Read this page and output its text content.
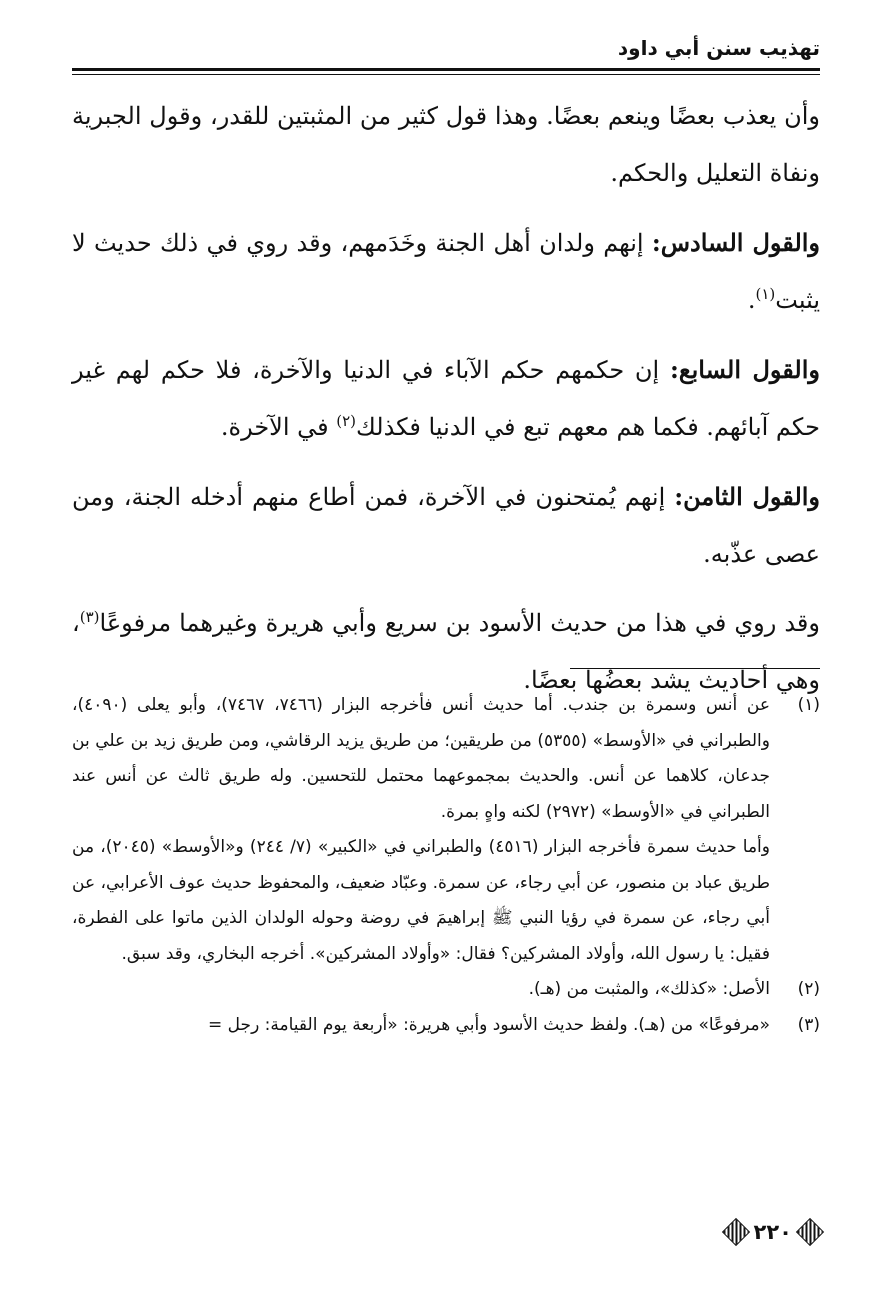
تهذيب سنن أبي داود

وأن يعذب بعضًا وينعم بعضًا. وهذا قول كثير من المثبتين للقدر، وقول الجبرية ونفاة التعليل والحكم.

والقول السادس: إنهم ولدان أهل الجنة وخَدَمهم، وقد روي في ذلك حديث لا يثبت$^{(١)}$.

والقول السابع: إن حكمهم حكم الآباء في الدنيا والآخرة، فلا حكم لهم غير حكم آبائهم. فكما هم معهم تبع في الدنيا فكذلك$^{(٢)}$ في الآخرة.

والقول الثامن: إنهم يُمتحنون في الآخرة، فمن أطاع منهم أدخله الجنة، ومن عصى عذّبه.

وقد روي في هذا من حديث الأسود بن سريع وأبي هريرة وغيرهما مرفوعًا$^{(٣)}$، وهي أحاديث يشد بعضُها بعضًا.

(١)

عن أنس وسمرة بن جندب. أما حديث أنس فأخرجه البزار (٧٤٦٦، ٧٤٦٧)، وأبو يعلى (٤٠٩٠)، والطبراني في «الأوسط» (٥٣٥٥) من طريقين؛ من طريق يزيد الرقاشي، ومن طريق زيد بن علي بن جدعان، كلاهما عن أنس. والحديث بمجموعهما محتمل للتحسين. وله طريق ثالث عن أنس عند الطبراني في «الأوسط» (٢٩٧٢) لكنه واهٍ بمرة.

وأما حديث سمرة فأخرجه البزار (٤٥١٦) والطبراني في «الكبير» (٧/ ٢٤٤) و«الأوسط» (٢٠٤٥)، من طريق عباد بن منصور، عن أبي رجاء، عن سمرة. وعبّاد ضعيف، والمحفوظ حديث عوف الأعرابي، عن أبي رجاء، عن سمرة في رؤيا النبي ﷺ إبراهيمَ في روضة وحوله الولدان الذين ماتوا على الفطرة، فقيل: يا رسول الله، وأولاد المشركين؟ فقال: «وأولاد المشركين». أخرجه البخاري، وقد سبق.

(٢)

الأصل: «كذلك»، والمثبت من (هـ).

(٣)

«مرفوعًا» من (هـ). ولفظ حديث الأسود وأبي هريرة: «أربعة يوم القيامة: رجل =

٢٢٠
